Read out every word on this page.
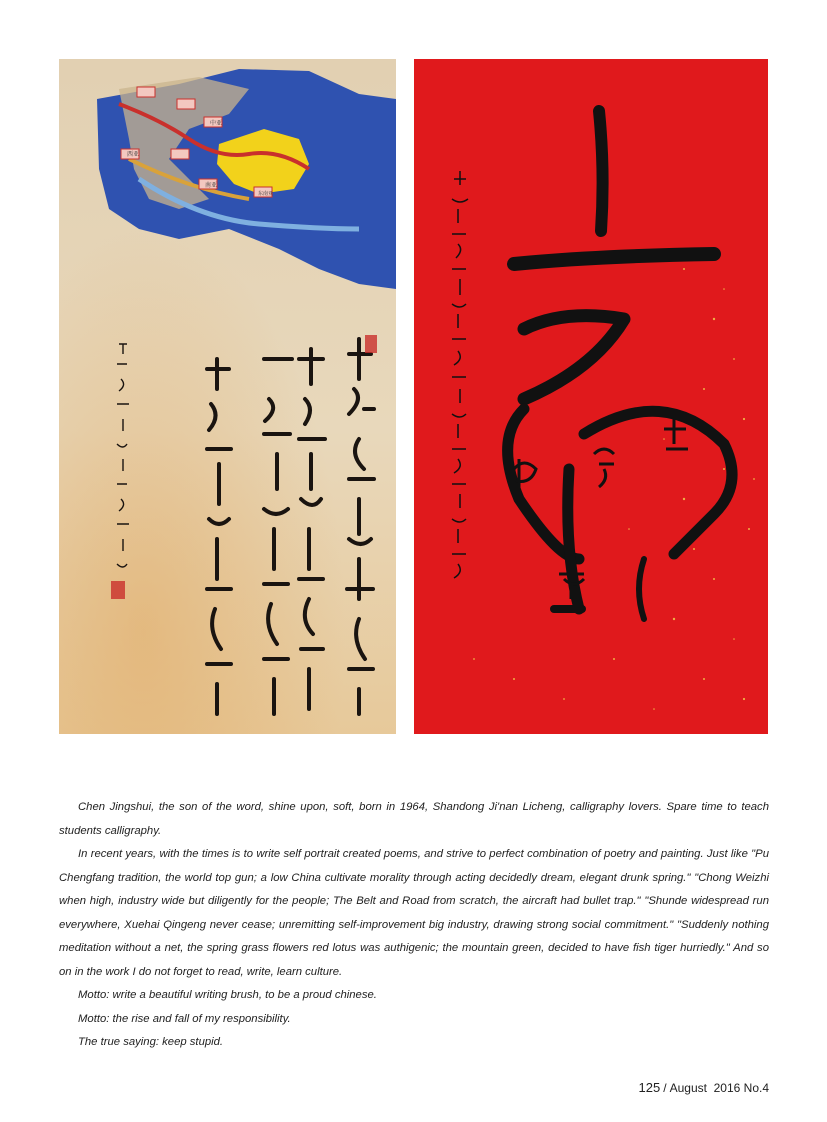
中亚
西亚
南亚
东南亚

Chen Jingshui, the son of the word, shine upon, soft, born in 1964, Shandong Ji'nan Licheng, calligraphy lovers. Spare time to teach students calligraphy.

In recent years, with the times is to write self portrait created poems, and strive to perfect combination of poetry and painting. Just like "Pu Chengfang tradition, the world top gun; a low China cultivate morality through acting decidedly dream, elegant drunk spring." "Chong Weizhi when high, industry wide but diligently for the people; The Belt and Road from scratch, the aircraft had bullet trap." "Shunde widespread run everywhere, Xuehai Qingeng never cease; unremitting self-improvement big industry, drawing strong social commitment." "Suddenly nothing meditation without a net, the spring grass flowers red lotus was authigenic; the mountain green, decided to have fish tiger hurriedly." And so on in the work I do not forget to read, write, learn culture.

Motto: write a beautiful writing brush, to be a proud chinese.

Motto: the rise and fall of my responsibility.

The true saying: keep stupid.

125 / August  2016 No.4
